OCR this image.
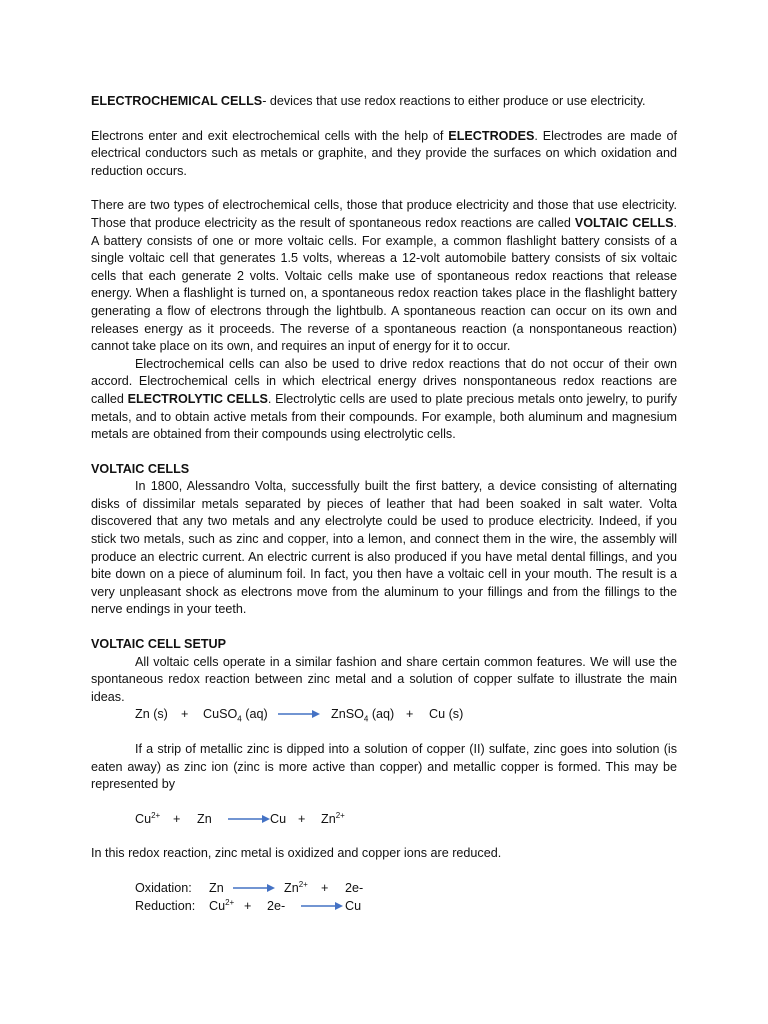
ELECTROCHEMICAL CELLS- devices that use redox reactions to either produce or use electricity.

Electrons enter and exit electrochemical cells with the help of ELECTRODES. Electrodes are made of electrical conductors such as metals or graphite, and they provide the surfaces on which oxidation and reduction occurs.

There are two types of electrochemical cells, those that produce electricity and those that use electricity. Those that produce electricity as the result of spontaneous redox reactions are called VOLTAIC CELLS. A battery consists of one or more voltaic cells. For example, a common flashlight battery consists of a single voltaic cell that generates 1.5 volts, whereas a 12-volt automobile battery consists of six voltaic cells that each generate 2 volts. Voltaic cells make use of spontaneous redox reactions that release energy. When a flashlight is turned on, a spontaneous redox reaction takes place in the flashlight battery generating a flow of electrons through the lightbulb. A spontaneous reaction can occur on its own and releases energy as it proceeds. The reverse of a spontaneous reaction (a nonspontaneous reaction) cannot take place on its own, and requires an input of energy for it to occur.

Electrochemical cells can also be used to drive redox reactions that do not occur of their own accord. Electrochemical cells in which electrical energy drives nonspontaneous redox reactions are called ELECTROLYTIC CELLS. Electrolytic cells are used to plate precious metals onto jewelry, to purify metals, and to obtain active metals from their compounds. For example, both aluminum and magnesium metals are obtained from their compounds using electrolytic cells.

VOLTAIC CELLS

In 1800, Alessandro Volta, successfully built the first battery, a device consisting of alternating disks of dissimilar metals separated by pieces of leather that had been soaked in salt water. Volta discovered that any two metals and any electrolyte could be used to produce electricity. Indeed, if you stick two metals, such as zinc and copper, into a lemon, and connect them in the wire, the assembly will produce an electric current. An electric current is also produced if you have metal dental fillings, and you bite down on a piece of aluminum foil. In fact, you then have a voltaic cell in your mouth. The result is a very unpleasant shock as electrons move from the aluminum to your fillings and from the fillings to the nerve endings in your teeth.

VOLTAIC CELL SETUP

All voltaic cells operate in a similar fashion and share certain common features. We will use the spontaneous redox reaction between zinc metal and a solution of copper sulfate to illustrate the main ideas.

Zn (s) + CuSO$_4$ (aq) → ZnSO$_4$ (aq) + Cu (s)

If a strip of metallic zinc is dipped into a solution of copper (II) sulfate, zinc goes into solution (is eaten away) as zinc ion (zinc is more active than copper) and metallic copper is formed. This may be represented by

$Cu^{2+} + Zn \to Cu + Zn^{2+}$

In this redox reaction, zinc metal is oxidized and copper ions are reduced.

Oxidation: $Zn \to Zn^{2+} + 2e-$
Reduction: $Cu^{2+} + 2e- \to Cu$
